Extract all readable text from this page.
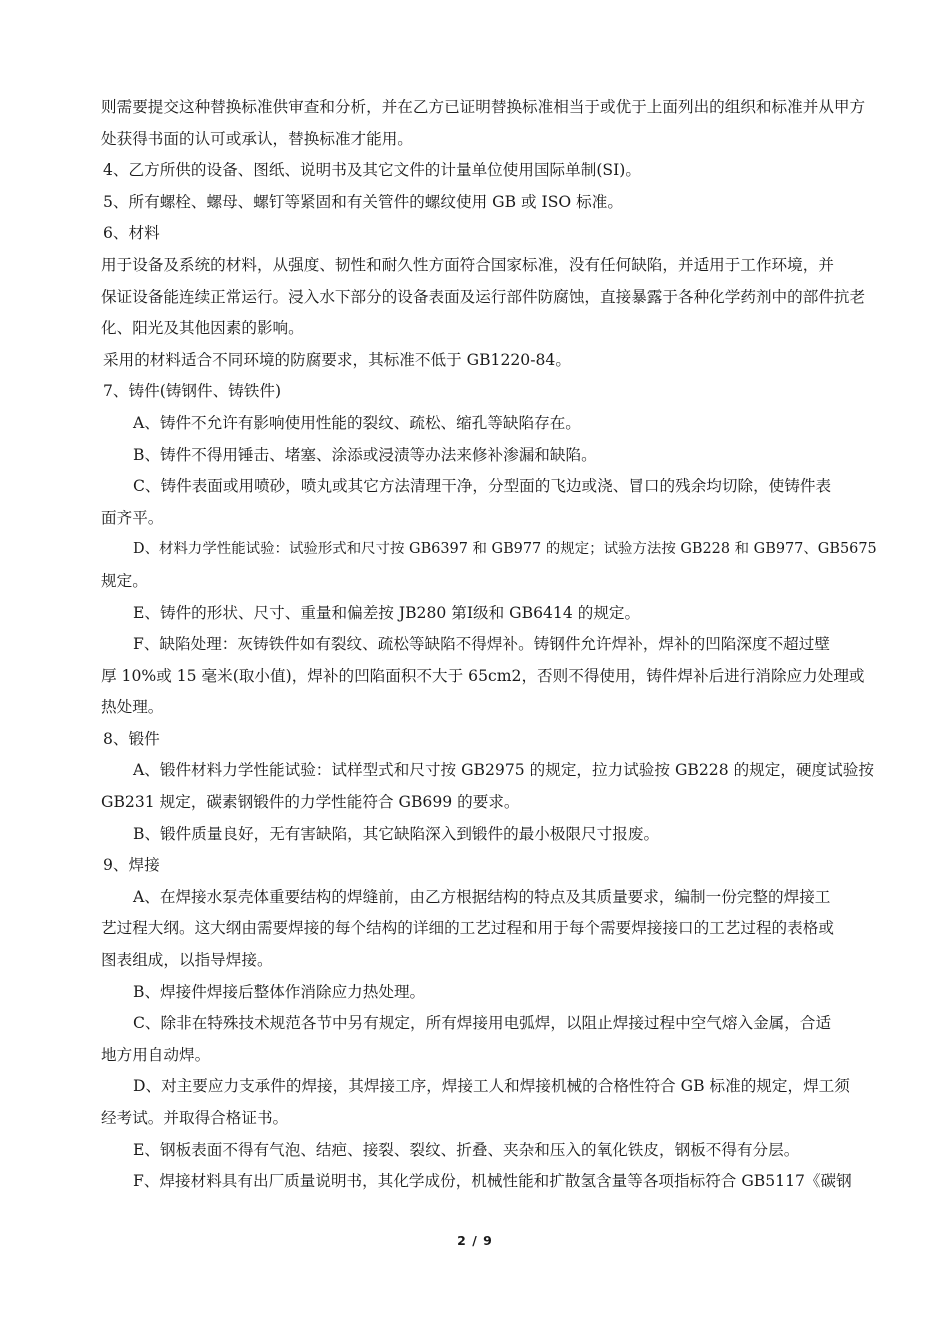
则需要提交这种替换标准供审查和分析，并在乙方已证明替换标准相当于或优于上面列出的组织和标准并从甲方
处获得书面的认可或承认，替换标准才能用。
4、乙方所供的设备、图纸、说明书及其它文件的计量单位使用国际单制(SI)。
5、所有螺栓、螺母、螺钉等紧固和有关管件的螺纹使用 GB 或 ISO 标准。
6、材料
用于设备及系统的材料，从强度、韧性和耐久性方面符合国家标准，没有任何缺陷，并适用于工作环境，并
保证设备能连续正常运行。浸入水下部分的设备表面及运行部件防腐蚀，直接暴露于各种化学药剂中的部件抗老
化、阳光及其他因素的影响。
采用的材料适合不同环境的防腐要求，其标准不低于 GB1220-84。
7、铸件(铸钢件、铸铁件)
A、铸件不允许有影响使用性能的裂纹、疏松、缩孔等缺陷存在。
B、铸件不得用锤击、堵塞、涂添或浸渍等办法来修补渗漏和缺陷。
C、铸件表面或用喷砂，喷丸或其它方法清理干净，分型面的飞边或浇、冒口的残余均切除，使铸件表
面齐平。
D、材料力学性能试验：试验形式和尺寸按 GB6397 和 GB977 的规定；试验方法按 GB228 和 GB977、GB5675
规定。
E、铸件的形状、尺寸、重量和偏差按 JB280 第Ⅰ级和 GB6414 的规定。
F、缺陷处理：灰铸铁件如有裂纹、疏松等缺陷不得焊补。铸钢件允许焊补，焊补的凹陷深度不超过壁
厚 10%或 15 毫米(取小值)，焊补的凹陷面积不大于 65cm2，否则不得使用，铸件焊补后进行消除应力处理或
热处理。
8、锻件
A、锻件材料力学性能试验：试样型式和尺寸按 GB2975 的规定，拉力试验按 GB228 的规定，硬度试验按
GB231 规定，碳素钢锻件的力学性能符合 GB699 的要求。
B、锻件质量良好，无有害缺陷，其它缺陷深入到锻件的最小极限尺寸报废。
9、焊接
A、在焊接水泵壳体重要结构的焊缝前，由乙方根据结构的特点及其质量要求，编制一份完整的焊接工
艺过程大纲。这大纲由需要焊接的每个结构的详细的工艺过程和用于每个需要焊接接口的工艺过程的表格或
图表组成，以指导焊接。
B、焊接件焊接后整体作消除应力热处理。
C、除非在特殊技术规范各节中另有规定，所有焊接用电弧焊，以阻止焊接过程中空气熔入金属，合适
地方用自动焊。
D、对主要应力支承件的焊接，其焊接工序，焊接工人和焊接机械的合格性符合 GB 标准的规定，焊工须
经考试。并取得合格证书。
E、钢板表面不得有气泡、结疤、接裂、裂纹、折叠、夹杂和压入的氧化铁皮，钢板不得有分层。
F、焊接材料具有出厂质量说明书，其化学成份，机械性能和扩散氢含量等各项指标符合 GB5117《碳钢
2 / 9
